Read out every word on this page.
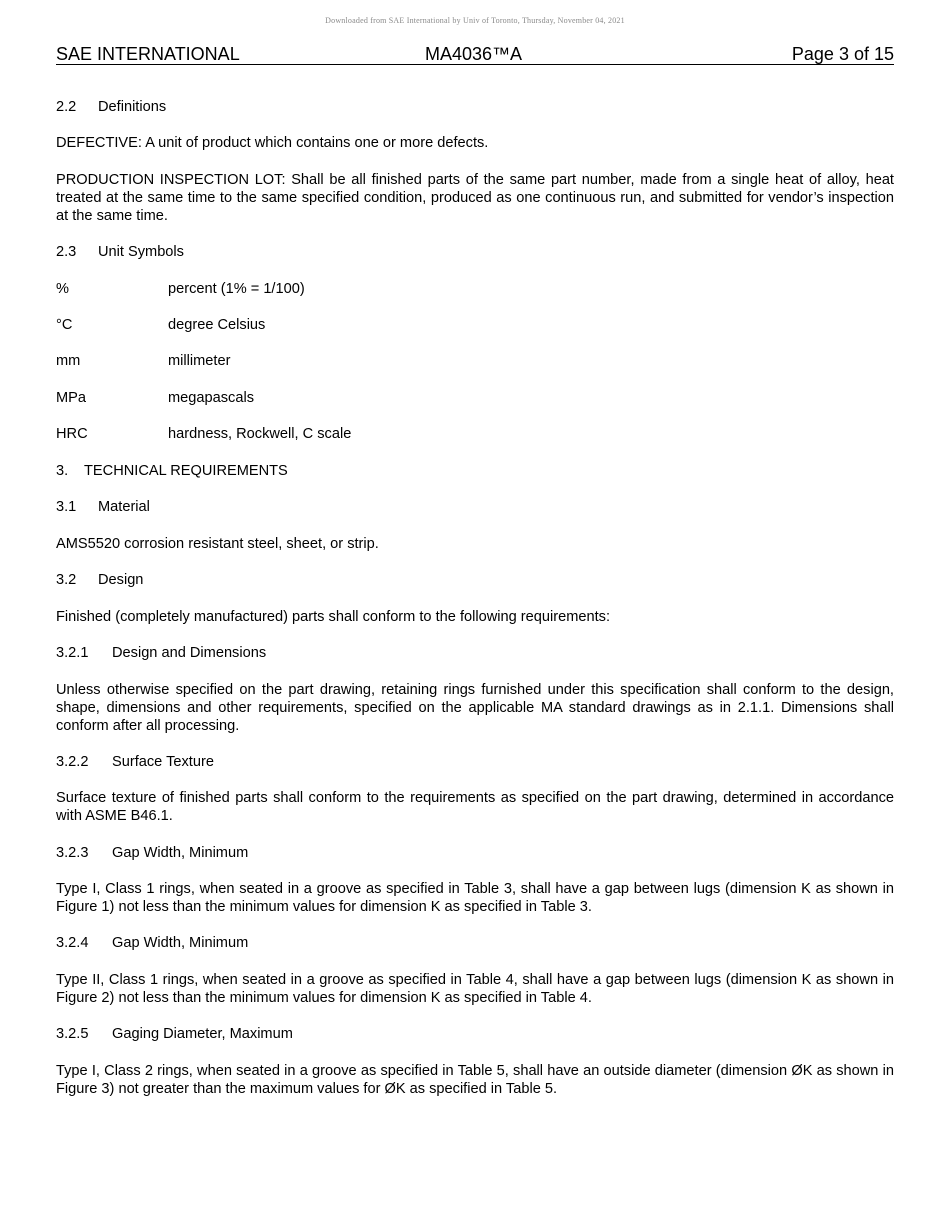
Downloaded from SAE International by Univ of Toronto, Thursday, November 04, 2021
SAE INTERNATIONAL	MA4036™A	Page 3 of 15

2.2 Definitions

DEFECTIVE: A unit of product which contains one or more defects.

PRODUCTION INSPECTION LOT: Shall be all finished parts of the same part number, made from a single heat of alloy, heat treated at the same time to the same specified condition, produced as one continuous run, and submitted for vendor’s inspection at the same time.

2.3 Unit Symbols

%	percent (1% = 1/100)

°C	degree Celsius

mm	millimeter

MPa	megapascals

HRC	hardness, Rockwell, C scale

3. TECHNICAL REQUIREMENTS

3.1 Material

AMS5520 corrosion resistant steel, sheet, or strip.

3.2 Design

Finished (completely manufactured) parts shall conform to the following requirements:

3.2.1 Design and Dimensions

Unless otherwise specified on the part drawing, retaining rings furnished under this specification shall conform to the design, shape, dimensions and other requirements, specified on the applicable MA standard drawings as in 2.1.1. Dimensions shall conform after all processing.

3.2.2 Surface Texture

Surface texture of finished parts shall conform to the requirements as specified on the part drawing, determined in accordance with ASME B46.1.

3.2.3 Gap Width, Minimum

Type I, Class 1 rings, when seated in a groove as specified in Table 3, shall have a gap between lugs (dimension K as shown in Figure 1) not less than the minimum values for dimension K as specified in Table 3.

3.2.4 Gap Width, Minimum

Type II, Class 1 rings, when seated in a groove as specified in Table 4, shall have a gap between lugs (dimension K as shown in Figure 2) not less than the minimum values for dimension K as specified in Table 4.

3.2.5 Gaging Diameter, Maximum

Type I, Class 2 rings, when seated in a groove as specified in Table 5, shall have an outside diameter (dimension ØK as shown in Figure 3) not greater than the maximum values for ØK as specified in Table 5.
